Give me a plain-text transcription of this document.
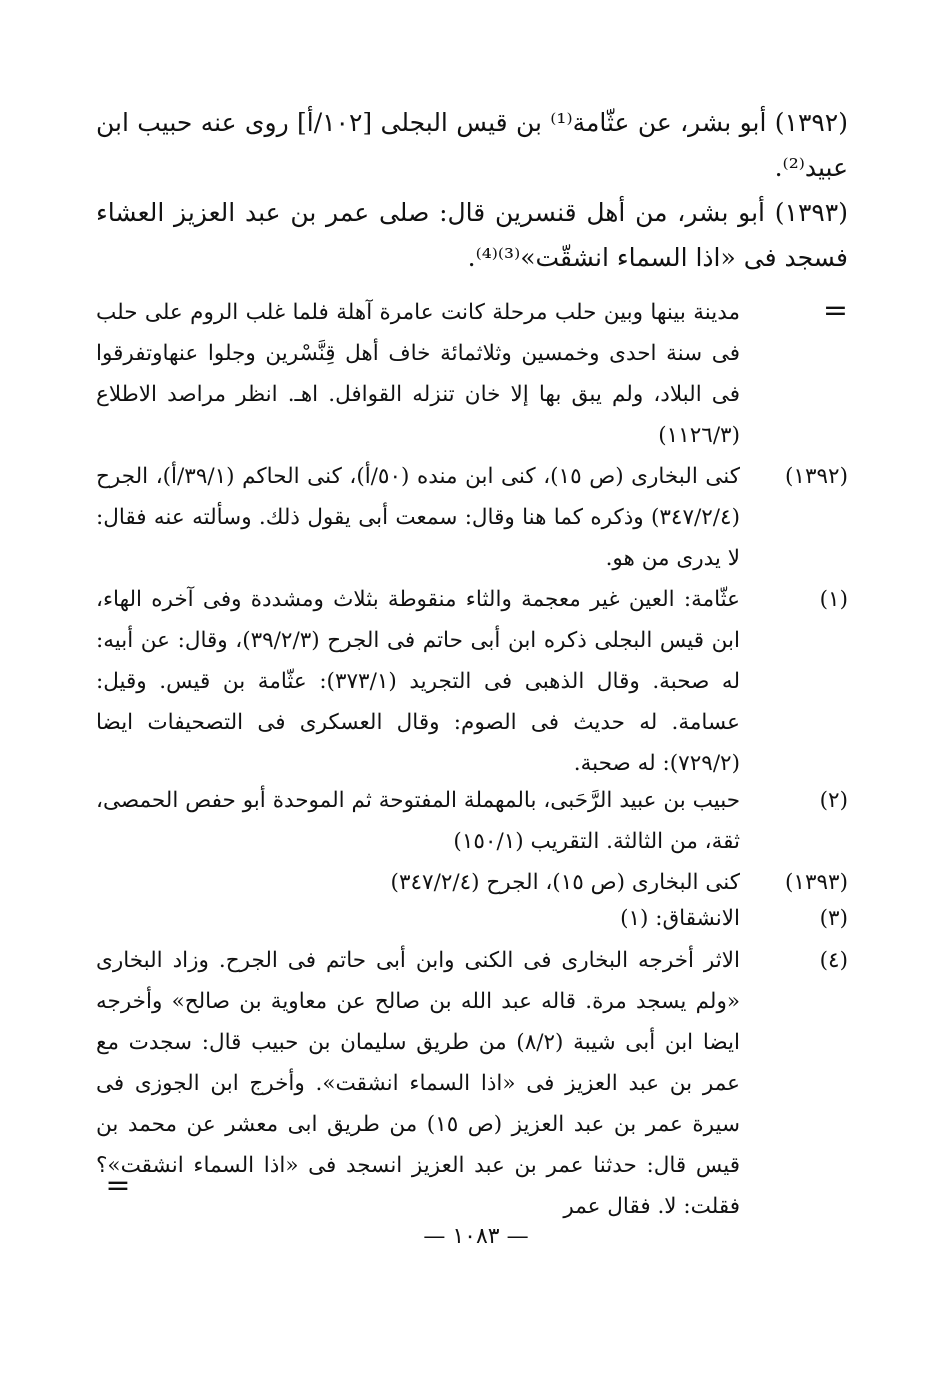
(١٣٩٢) أبو بشر، عن عثّامة⁽¹⁾ بن قيس البجلى [١٠٢/أ] روى عنه حبيب ابن عبيد⁽²⁾.
(١٣٩٣) أبو بشر، من أهل قنسرين قال: صلى عمر بن عبد العزيز العشاء فسجد فى «اذا السماء انشقّت»⁽³⁾⁽⁴⁾.
=
مدينة بينها وبين حلب مرحلة كانت عامرة آهلة فلما غلب الروم على حلب فى سنة احدى وخمسين وثلاثمائة خاف أهل قِنَّسْرين وجلوا عنهاوتفرقوا فى البلاد، ولم يبق بها إلا خان تنزله القوافل. اهـ. انظر مراصد الاطلاع (١١٢٦/٣)
(١٣٩٢)
كنى البخارى (ص ١٥)، كنى ابن منده (٥٠/أ)، كنى الحاكم (٣٩/١/أ)، الجرح (٣٤٧/٢/٤) وذكره كما هنا وقال: سمعت أبى يقول ذلك. وسألته عنه فقال: لا يدرى من هو.
(١)
عثّامة: العين غير معجمة والثاء منقوطة بثلاث ومشددة وفى آخره الهاء، ابن قيس البجلى ذكره ابن أبى حاتم فى الجرح (٣٩/٢/٣)، وقال: عن أبيه: له صحبة. وقال الذهبى فى التجريد (٣٧٣/١): عثّامة بن قيس. وقيل: عسامة. له حديث فى الصوم: وقال العسكرى فى التصحيفات ايضا (٧٢٩/٢): له صحبة.
(٢)
حبيب بن عبيد الرَّحَبى، بالمهملة المفتوحة ثم الموحدة أبو حفص الحمصى، ثقة، من الثالثة. التقريب (١٥٠/١)
(١٣٩٣)
كنى البخارى (ص ١٥)، الجرح (٣٤٧/٢/٤)
(٣)
الانشقاق: (١)
(٤)
الاثر أخرجه البخارى فى الكنى وابن أبى حاتم فى الجرح. وزاد البخارى «ولم يسجد مرة. قاله عبد الله بن صالح عن معاوية بن صالح» وأخرجه ايضا ابن أبى شيبة (٨/٢) من طريق سليمان بن حبيب قال: سجدت مع عمر بن عبد العزيز فى «اذا السماء انشقت». وأخرج ابن الجوزى فى سيرة عمر بن عبد العزيز (ص ١٥) من طريق ابى معشر عن محمد بن قيس قال: حدثنا عمر بن عبد العزيز انسجد فى «اذا السماء انشقت»؟ فقلت: لا. فقال عمر
=
— ١٠٨٣ —
